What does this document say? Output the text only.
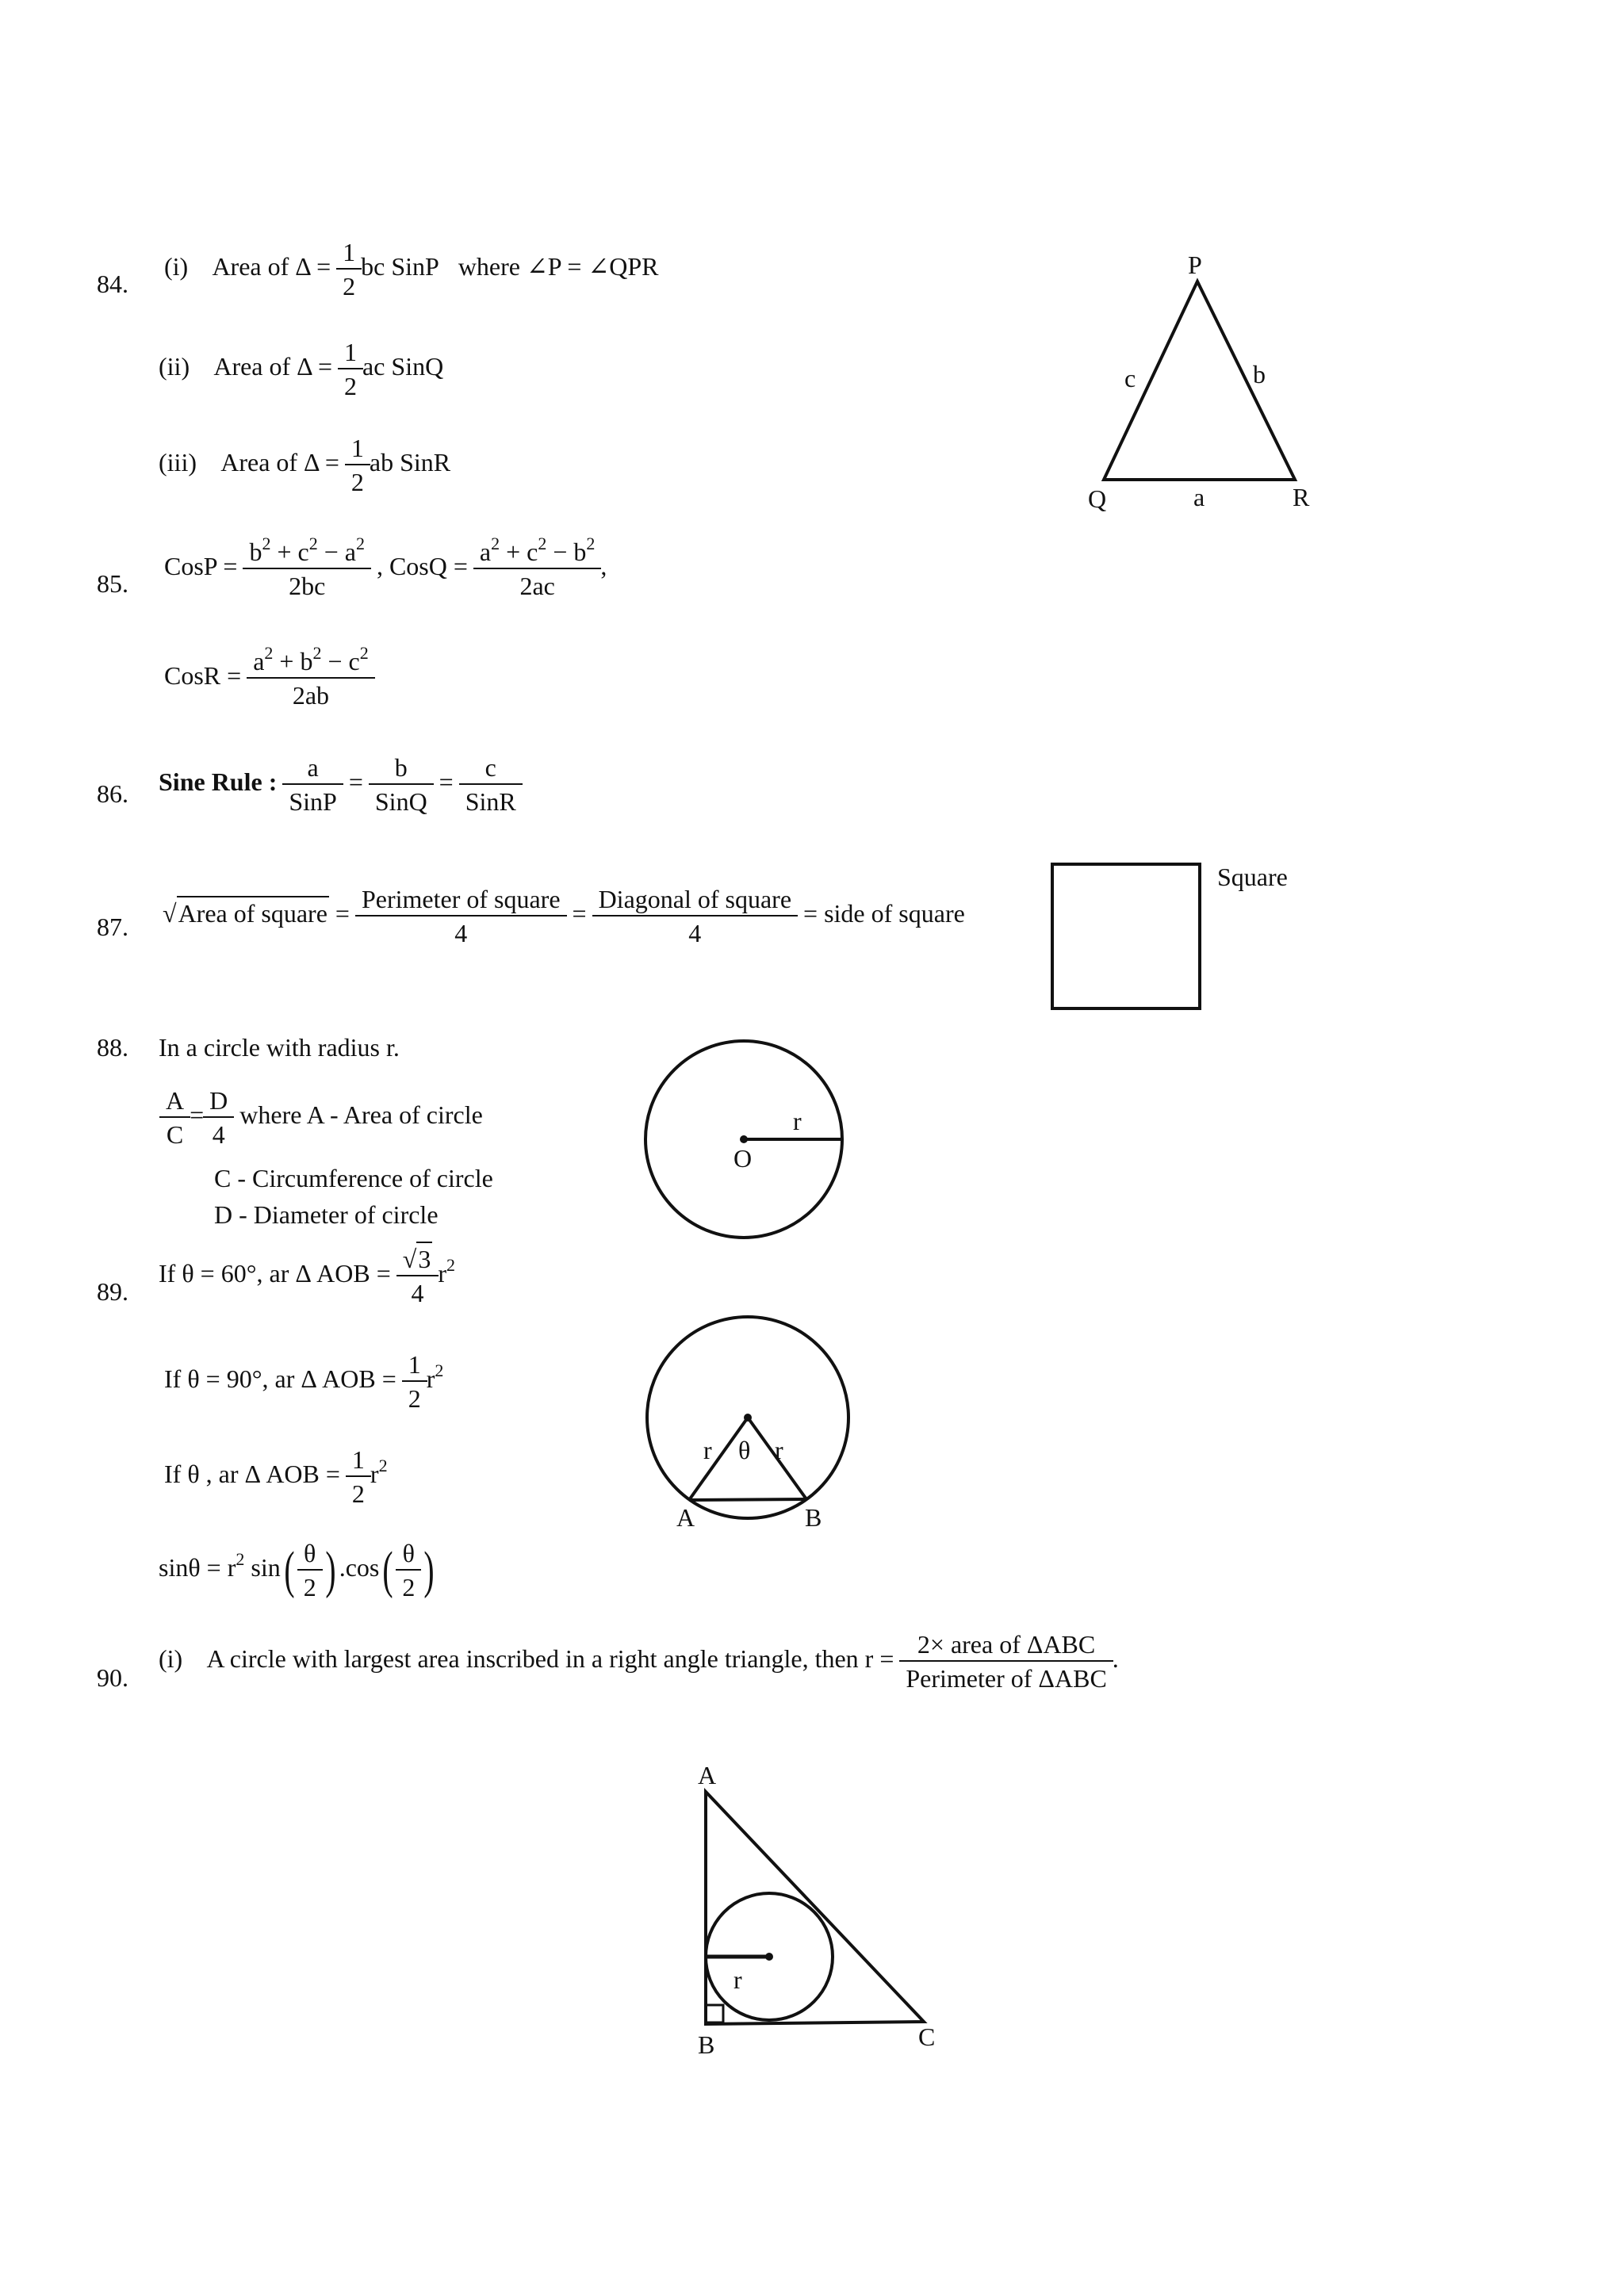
84.
(i) Area of $\Delta = \frac{1}{2}$ bc SinP where ∠P = ∠QPR
(ii) Area of $\Delta = \frac{1}{2}$ ac SinQ
(iii) Area of $\Delta = \frac{1}{2}$ ab SinR
P
Q	R
a
b
c
85.
CosP = $\frac{b^2 + c^2 - a^2}{2bc}$ , CosQ = $\frac{a^2 + c^2 - b^2}{2ac}$ ,
CosR = $\frac{a^2 + b^2 - c^2}{2ab}$
86. Sine Rule : $\frac{a}{\text{SinP}} = \frac{b}{\text{SinQ}} = \frac{c}{\text{SinR}}$
87. √Area of square = $\frac{\text{Perimeter of square}}{4} = \frac{\text{Diagonal of square}}{4}$ = side of square
Square
88. In a circle with radius r.
$\frac{A}{C} = \frac{D}{4}$ where A - Area of circle
C - Circumference of circle
D - Diameter of circle
r
O
89.
If θ = 60°, ar Δ AOB = $\frac{√3}{4} r^2$
If θ = 90°, ar Δ AOB = $\frac{1}{2} r^2$
If θ , ar Δ AOB = $\frac{1}{2} r^2$
$\sin\theta = r^2$ $\sin( \frac{\theta}{2}$ ) $.\cos( \frac{\theta}{2}$ )
r θ r
A	B
90.
(i) A circle with largest area inscribed in a right angle triangle, then $r = \frac{\text{2× area of ΔABC}}{\text{Perimeter of ΔABC}}$ .
A
B	C
r
